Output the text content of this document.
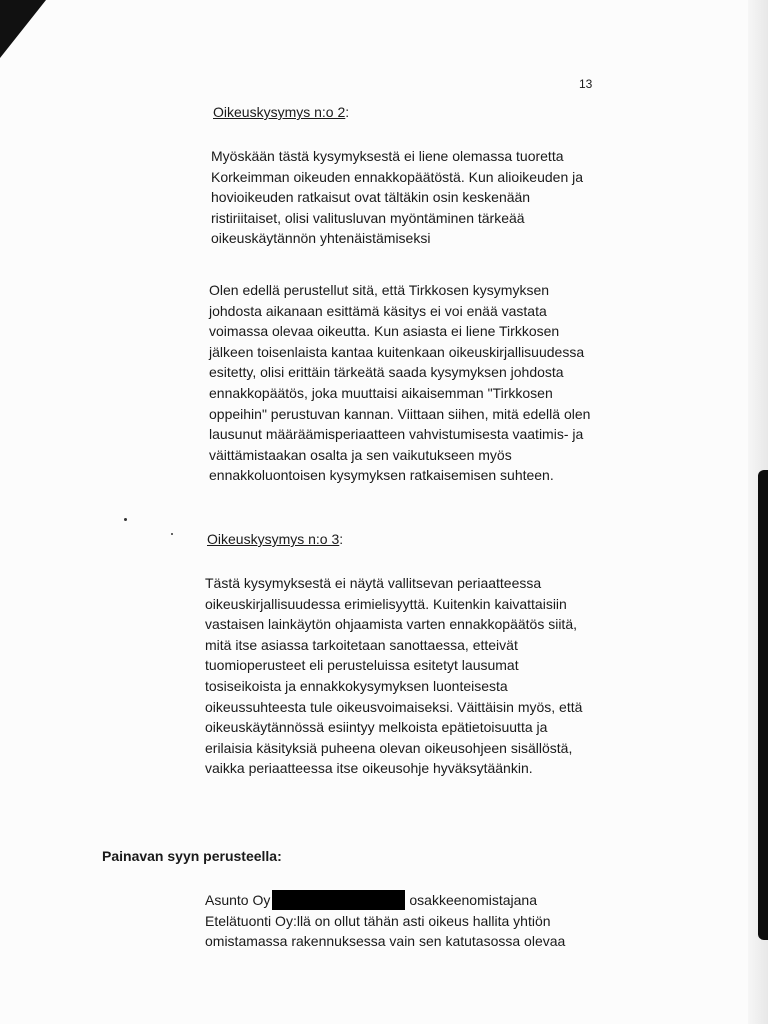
13
Oikeuskysymys n:o 2:
Myöskään tästä kysymyksestä ei liene olemassa tuoretta
Korkeimman oikeuden ennakkopäätöstä. Kun alioikeuden ja
hovioikeuden ratkaisut ovat tältäkin osin keskenään
ristiriitaiset, olisi valitusluvan myöntäminen tärkeää
oikeuskäytännön yhtenäistämiseksi
Olen edellä perustellut sitä, että Tirkkosen kysymyksen
johdosta aikanaan esittämä käsitys ei voi enää vastata
voimassa olevaa oikeutta. Kun asiasta ei liene Tirkkosen
jälkeen toisenlaista kantaa kuitenkaan oikeuskirjallisuudessa
esitetty, olisi erittäin tärkeätä saada kysymyksen johdosta
ennakkopäätös, joka muuttaisi aikaisemman "Tirkkosen
oppeihin" perustuvan kannan. Viittaan siihen, mitä edellä olen
lausunut määräämisperiaatteen vahvistumisesta vaatimis- ja
väittämistaakan osalta ja sen vaikutukseen myös
ennakkoluontoisen kysymyksen ratkaisemisen suhteen.
Oikeuskysymys n:o 3:
Tästä kysymyksestä ei näytä vallitsevan periaatteessa
oikeuskirjallisuudessa erimielisyyttä. Kuitenkin kaivattaisiin
vastaisen lainkäytön ohjaamista varten ennakkopäätös siitä,
mitä itse asiassa tarkoitetaan sanottaessa, etteivät
tuomioperusteet eli perusteluissa esitetyt lausumat
tosiseikoista ja ennakkokysymyksen luonteisesta
oikeussuhteesta tule oikeusvoimaiseksi. Väittäisin myös, että
oikeuskäytännössä esiintyy melkoista epätietoisuutta ja
erilaisia käsityksiä puheena olevan oikeusohjeen sisällöstä,
vaikka periaatteessa itse oikeusohje hyväksytäänkin.
Painavan syyn perusteella:
Asunto Oy	osakkeenomistajana
Etelätuonti Oy:llä on ollut tähän asti oikeus hallita yhtiön
omistamassa rakennuksessa vain sen katutasossa olevaa
